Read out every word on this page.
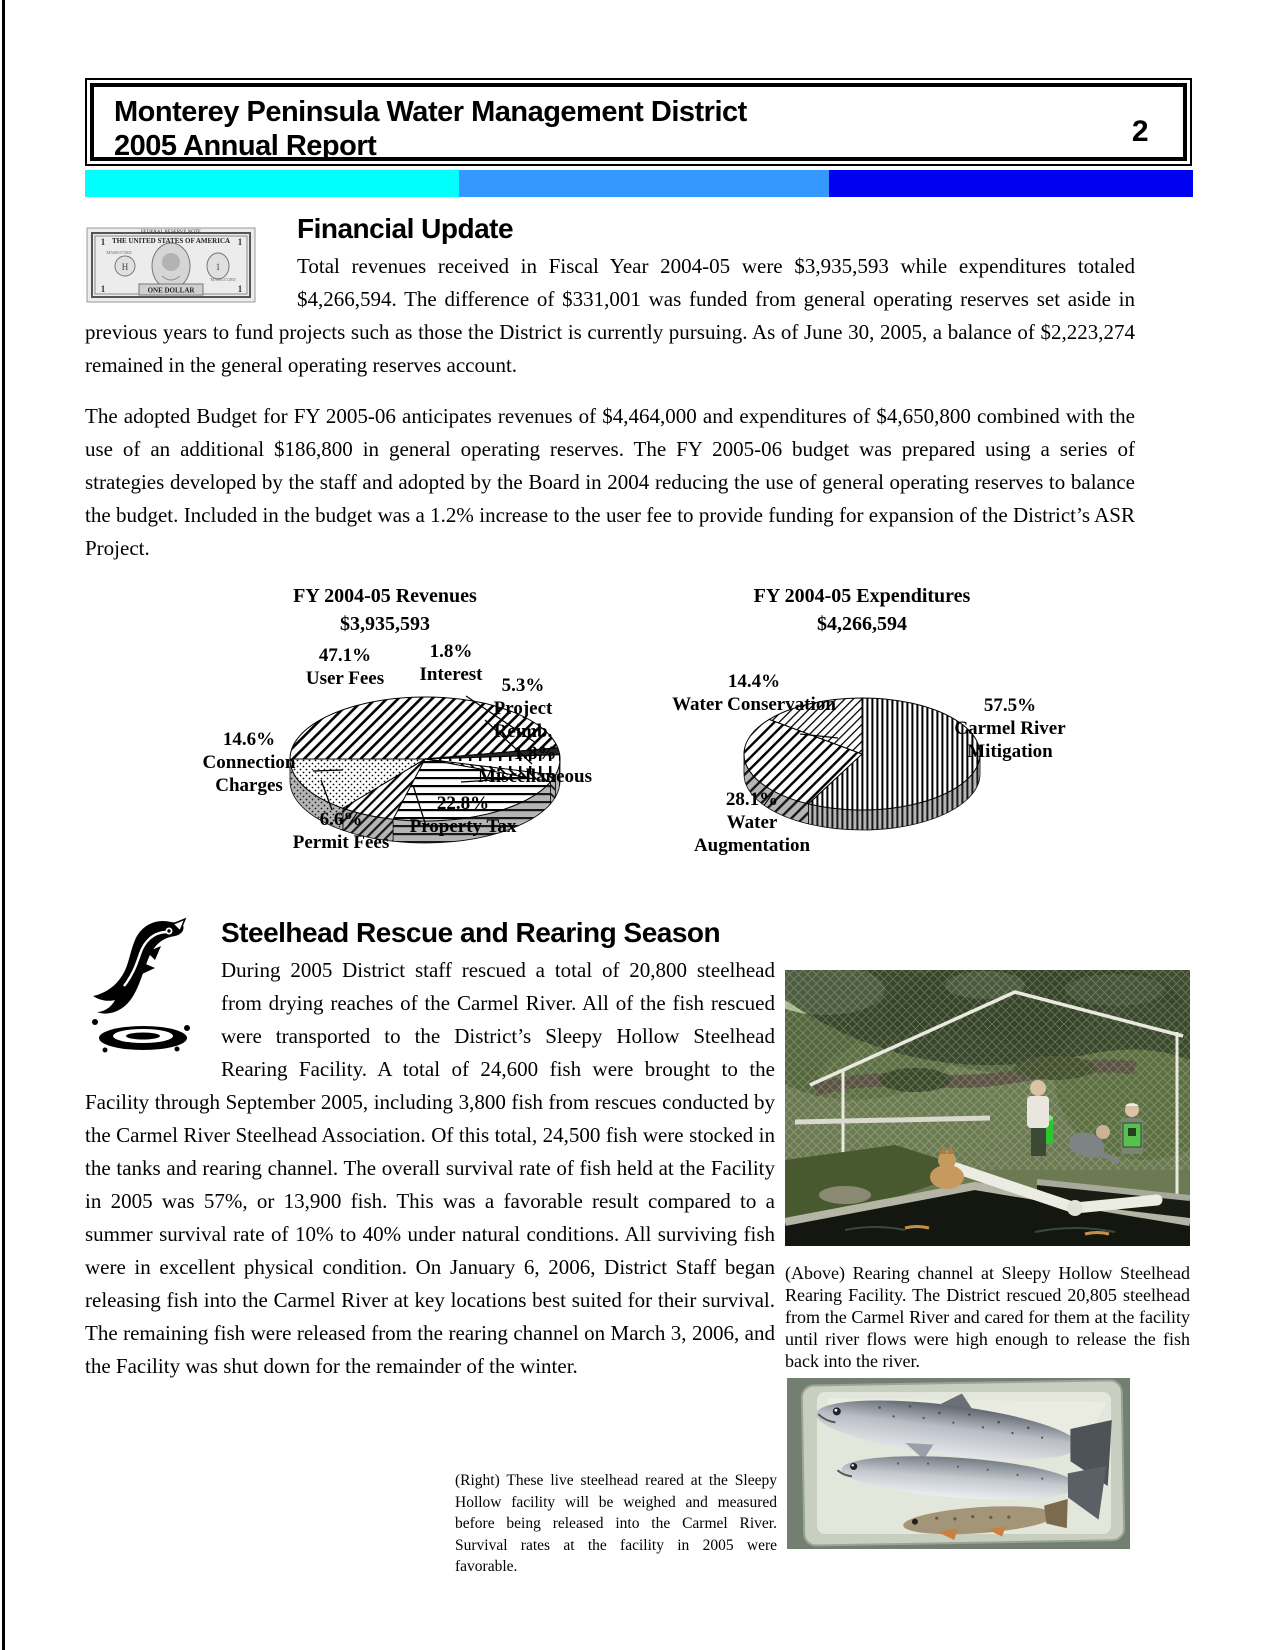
Monterey Peninsula Water Management District
2005 Annual Report	2
H	1
FEDERAL RESERVE NOTE
THE UNITED STATES OF AMERICA
ONE DOLLAR
1	1
1	1
M50653728D
M50653728D
Financial Update

Total revenues received in Fiscal Year 2004-05 were $3,935,593 while expenditures totaled $4,266,594. The difference of $331,001 was funded from general operating reserves set aside in previous years to fund projects such as those the District is currently pursuing. As of June 30, 2005, a balance of $2,223,274 remained in the general operating reserves account.

The adopted Budget for FY 2005-06 anticipates revenues of $4,464,000 and expenditures of $4,650,800 combined with the use of an additional $186,800 in general operating reserves. The FY 2005-06 budget was prepared using a series of strategies developed by the staff and adopted by the Board in 2004 reducing the use of general operating reserves to balance the budget. Included in the budget was a 1.2% increase to the user fee to provide funding for expansion of the District’s ASR Project.

FY 2004-05 Revenues
$3,935,593
47.1%
User Fees
1.8%
Interest
5.3%
Project Reimb.
1.8%
Miscellaneous
22.8%
Property Tax
6.6%
Permit Fees
14.6%
Connection Charges
FY 2004-05 Expenditures
$4,266,594
57.5%
Carmel River Mitigation
28.1%
Water Augmentation
14.4%
Water Conservation
Steelhead Rescue and Rearing Season

During 2005 District staff rescued a total of 20,800 steelhead from drying reaches of the Carmel River. All of the fish rescued were transported to the District’s Sleepy Hollow Steelhead Rearing Facility. A total of 24,600 fish were brought to the Facility through September 2005, including 3,800 fish from rescues conducted by the Carmel River Steelhead Association. Of this total, 24,500 fish were stocked in the tanks and rearing channel. The overall survival rate of fish held at the Facility in 2005 was 57%, or 13,900 fish. This was a favorable result compared to a summer survival rate of 10% to 40% under natural conditions. All surviving fish were in excellent physical condition. On January 6, 2006, District Staff began releasing fish into the Carmel River at key locations best suited for their survival. The remaining fish were released from the rearing channel on March 3, 2006, and the Facility was shut down for the remainder of the winter.

(Above) Rearing channel at Sleepy Hollow Steelhead Rearing Facility. The District rescued 20,805 steelhead from the Carmel River and cared for them at the facility until river flows were high enough to release the fish back into the river.

(Right) These live steelhead reared at the Sleepy Hollow facility will be weighed and measured before being released into the Carmel River. Survival rates at the facility in 2005 were favorable.
